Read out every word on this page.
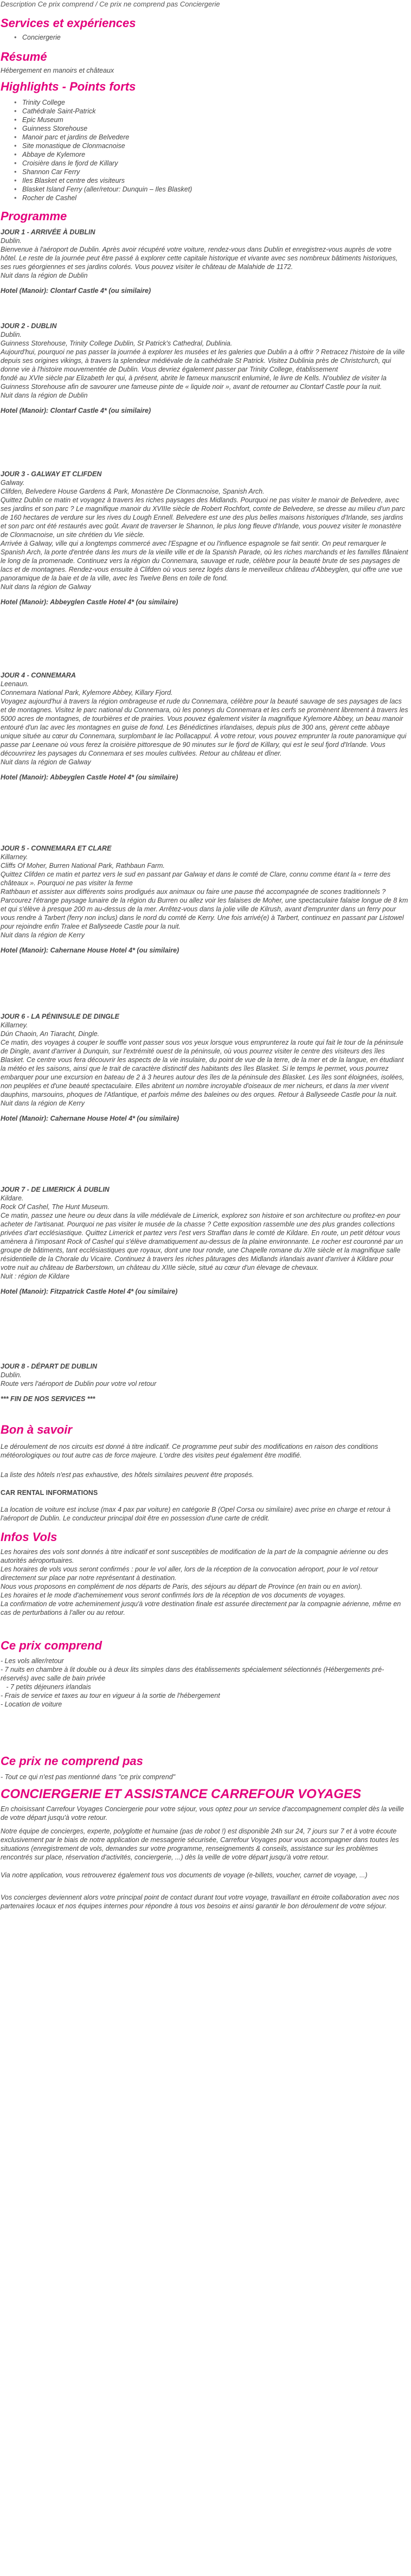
Description Ce prix comprend / Ce prix ne comprend pas Conciergerie
Services et expériences
• Conciergerie
Résumé
Hébergement en manoirs et châteaux
Highlights - Points forts
• Trinity College
• Cathédrale Saint-Patrick
• Epic Museum
• Guinness Storehouse
• Manoir parc et jardins de Belvedere
• Site monastique de Clonmacnoise
• Abbaye de Kylemore
• Croisière dans le fjord de Killary
• Shannon Car Ferry
• Iles Blasket et centre des visiteurs
• Blasket Island Ferry (aller/retour: Dunquin – Iles Blasket)
• Rocher de Cashel
Programme

JOUR 1 - ARRIVÉE À DUBLIN

Dublin.

Bienvenue à l'aéroport de Dublin. Après avoir récupéré votre voiture, rendez-vous dans Dublin et enregistrez-vous auprès de votre hôtel. Le reste de la journée peut être passé à explorer cette capitale historique et vivante avec ses nombreux bâtiments historiques, ses rues géorgiennes et ses jardins colorés. Vous pouvez visiter le château de Malahide de 1172.

Nuit dans la région de Dublin

Hotel (Manoir): Clontarf Castle 4* (ou similaire)

JOUR 2 - DUBLIN

Dublin.

Guinness Storehouse, Trinity College Dublin, St Patrick's Cathedral, Dublinia.

Aujourd'hui, pourquoi ne pas passer la journée à explorer les musées et les galeries que Dublin a à offrir ? Retracez l'histoire de la ville depuis ses origines vikings, à travers la splendeur médiévale de la cathédrale St Patrick. Visitez Dublinia près de Christchurch, qui donne vie à l'histoire mouvementée de Dublin. Vous devriez également passer par Trinity College, établissement

fondé au XVIe siècle par Elizabeth Ier qui, à présent, abrite le fameux manuscrit enluminé, le livre de Kells. N'oubliez de visiter la Guinness Storehouse afin de savourer une fameuse pinte de « liquide noir », avant de retourner au Clontarf Castle pour la nuit.

Nuit dans la région de Dublin

Hotel (Manoir): Clontarf Castle 4* (ou similaire)

JOUR 3 - GALWAY ET CLIFDEN

Galway.

Clifden, Belvedere House Gardens & Park, Monastère De Clonmacnoise, Spanish Arch.

Quittez Dublin ce matin et voyagez à travers les riches paysages des Midlands. Pourquoi ne pas visiter le manoir de Belvedere, avec ses jardins et son parc ? Le magnifique manoir du XVIIIe siècle de Robert Rochfort, comte de Belvedere, se dresse au milieu d'un parc de 160 hectares de verdure sur les rives du Lough Ennell. Belvedere est une des plus belles maisons historiques d'Irlande, ses jardins et son parc ont été restaurés avec goût. Avant de traverser le Shannon, le plus long fleuve d'Irlande, vous pouvez visiter le monastère de Clonmacnoise, un site chrétien du Vie siècle.

Arrivée à Galway, ville qui a longtemps commercé avec l'Espagne et ou l'influence espagnole se fait sentir. On peut remarquer le Spanish Arch, la porte d'entrée dans les murs de la vieille ville et de la Spanish Parade, où les riches marchands et les familles flânaient le long de la promenade. Continuez vers la région du Connemara, sauvage et rude, célèbre pour la beauté brute de ses paysages de lacs et de montagnes. Rendez-vous ensuite à Clifden où vous serez logés dans le merveilleux château d'Abbeyglen, qui offre une vue panoramique de la baie et de la ville, avec les Twelve Bens en toile de fond.

Nuit dans la région de Galway

Hotel (Manoir): Abbeyglen Castle Hotel 4* (ou similaire)

JOUR 4 - CONNEMARA

Leenaun.

Connemara National Park, Kylemore Abbey, Killary Fjord.

Voyagez aujourd'hui à travers la région ombrageuse et rude du Connemara, célèbre pour la beauté sauvage de ses paysages de lacs et de montagnes. Visitez le parc national du Connemara, où les poneys du Connemara et les cerfs se promènent librement à travers les 5000 acres de montagnes, de tourbières et de prairies. Vous pouvez également visiter la magnifique Kylemore Abbey, un beau manoir entouré d'un lac avec les montagnes en guise de fond. Les Bénédictines irlandaises, depuis plus de 300 ans, gèrent cette abbaye

unique située au cœur du Connemara, surplombant le lac Pollacappul. À votre retour, vous pouvez emprunter la route panoramique qui passe par Leenane où vous ferez la croisière pittoresque de 90 minutes sur le fjord de Killary, qui est le seul fjord d'Irlande. Vous découvrirez les paysages du Connemara et ses moules cultivées. Retour au château et dîner.

Nuit dans la région de Galway

Hotel (Manoir): Abbeyglen Castle Hotel 4* (ou similaire)

JOUR 5 - CONNEMARA ET CLARE

Killarney.

Cliffs Of Moher, Burren National Park, Rathbaun Farm.

Quittez Clifden ce matin et partez vers le sud en passant par Galway et dans le comté de Clare, connu comme étant la « terre des châteaux ». Pourquoi ne pas visiter la ferme

Rathbaun et assister aux différents soins prodigués aux animaux ou faire une pause thé accompagnée de scones traditionnels ? Parcourez l'étrange paysage lunaire de la région du Burren ou allez voir les falaises de Moher, une spectaculaire falaise longue de 8 km et qui s'élève à presque 200 m au-dessus de la mer. Arrêtez-vous dans la jolie ville de Kilrush, avant d'emprunter dans un ferry pour vous rendre à Tarbert (ferry non inclus) dans le nord du comté de Kerry. Une fois arrivé(e) à Tarbert, continuez en passant par Listowel pour rejoindre enfin Tralee et Ballyseede Castle pour la nuit.

Nuit dans la région de Kerry

Hotel (Manoir): Cahernane House Hotel 4* (ou similaire)

JOUR 6 - LA PÉNINSULE DE DINGLE

Killarney.

Dún Chaoin, An Tiaracht, Dingle.

Ce matin, des voyages à couper le souffle vont passer sous vos yeux lorsque vous emprunterez la route qui fait le tour de la péninsule de Dingle, avant d'arriver à Dunquin, sur l'extrémité ouest de la péninsule, où vous pourrez visiter le centre des visiteurs des îles Blasket. Ce centre vous fera découvrir les aspects de la vie insulaire, du point de vue de la terre, de la mer et de la langue, en étudiant la météo et les saisons, ainsi que le trait de caractère distinctif des habitants des îles Blasket. Si le temps le permet, vous pourrez embarquer pour une excursion en bateau de 2 à 3 heures autour des îles de la péninsule des Blasket. Les îles sont éloignées, isolées, non peuplées et d'une beauté spectaculaire. Elles abritent un nombre incroyable d'oiseaux de mer nicheurs, et dans la mer vivent dauphins, marsouins, phoques de l'Atlantique, et parfois même des baleines ou des orques. Retour à Ballyseede Castle pour la nuit.

Nuit dans la région de Kerry

Hotel (Manoir): Cahernane House Hotel 4* (ou similaire)

JOUR 7 - DE LIMERICK À DUBLIN

Kildare.

Rock Of Cashel, The Hunt Museum.

Ce matin, passez une heure ou deux dans la ville médiévale de Limerick, explorez son histoire et son architecture ou profitez-en pour acheter de l'artisanat. Pourquoi ne pas visiter le musée de la chasse ? Cette exposition rassemble une des plus grandes collections privées d'art ecclésiastique. Quittez Limerick et partez vers l'est vers Straffan dans le comté de Kildare. En route, un petit détour vous amènera à l'imposant Rock of Cashel qui s'élève dramatiquement au-dessus de la plaine environnante. Le rocher est couronné par un groupe de bâtiments, tant ecclésiastiques que royaux, dont une tour ronde, une Chapelle romane du XIIe siècle et la magnifique salle résidentielle de la Chorale du Vicaire. Continuez à travers les riches pâturages des Midlands irlandais avant d'arriver à Kildare pour votre nuit au château de Barberstown, un château du XIIIe siècle, situé au cœur d'un élevage de chevaux.

Nuit : région de Kildare

Hotel (Manoir): Fitzpatrick Castle Hotel 4* (ou similaire)

JOUR 8 - DÉPART DE DUBLIN

Dublin.

Route vers l'aéroport de Dublin pour votre vol retour

*** FIN DE NOS SERVICES ***

Bon à savoir

Le déroulement de nos circuits est donné à titre indicatif. Ce programme peut subir des modifications en raison des conditions météorologiques ou tout autre cas de force majeure. L'ordre des visites peut également être modifié.

La liste des hôtels n'est pas exhaustive, des hôtels similaires peuvent être proposés.

CAR RENTAL INFORMATIONS

La location de voiture est incluse (max 4 pax par voiture) en catégorie B (Opel Corsa ou similaire) avec prise en charge et retour à l'aéroport de Dublin. Le conducteur principal doit être en possession d'une carte de crédit.

Infos Vols

Les horaires des vols sont donnés à titre indicatif et sont susceptibles de modification de la part de la compagnie aérienne ou des autorités aéroportuaires.

Les horaires de vols vous seront confirmés : pour le vol aller, lors de la réception de la convocation aéroport, pour le vol retour directement sur place par notre représentant à destination.

Nous vous proposons en complément de nos départs de Paris, des séjours au départ de Province (en train ou en avion).

Les horaires et le mode d'acheminement vous seront confirmés lors de la réception de vos documents de voyages.

La confirmation de votre acheminement jusqu'à votre destination finale est assurée directement par la compagnie aérienne, même en cas de perturbations à l'aller ou au retour.

Ce prix comprend

- Les vols aller/retour

- 7 nuits en chambre à lit double ou à deux lits simples dans des établissements spécialement sélectionnés (Hébergements pré-réservés) avec salle de bain privée

- 7 petits déjeuners irlandais

- Frais de service et taxes au tour en vigueur à la sortie de l'hébergement

- Location de voiture

Ce prix ne comprend pas

- Tout ce qui n'est pas mentionné dans "ce prix comprend"

CONCIERGERIE ET ASSISTANCE CARREFOUR VOYAGES

En choisissant Carrefour Voyages Conciergerie pour votre séjour, vous optez pour un service d'accompagnement complet dès la veille de votre départ jusqu'à votre retour.

Notre équipe de concierges, experte, polyglotte et humaine (pas de robot !) est disponible 24h sur 24, 7 jours sur 7 et à votre écoute exclusivement par le biais de notre application de messagerie sécurisée, Carrefour Voyages pour vous accompagner dans toutes les situations (enregistrement de vols, demandes sur votre programme, renseignements & conseils, assistance sur les problèmes rencontrés sur place, réservation d'activités, conciergerie, ...) dès la veille de votre départ jusqu'à votre retour.

Via notre application, vous retrouverez également tous vos documents de voyage (e-billets, voucher, carnet de voyage, ...)

Vos concierges deviennent alors votre principal point de contact durant tout votre voyage, travaillant en étroite collaboration avec nos partenaires locaux et nos équipes internes pour répondre à tous vos besoins et ainsi garantir le bon déroulement de votre séjour.
